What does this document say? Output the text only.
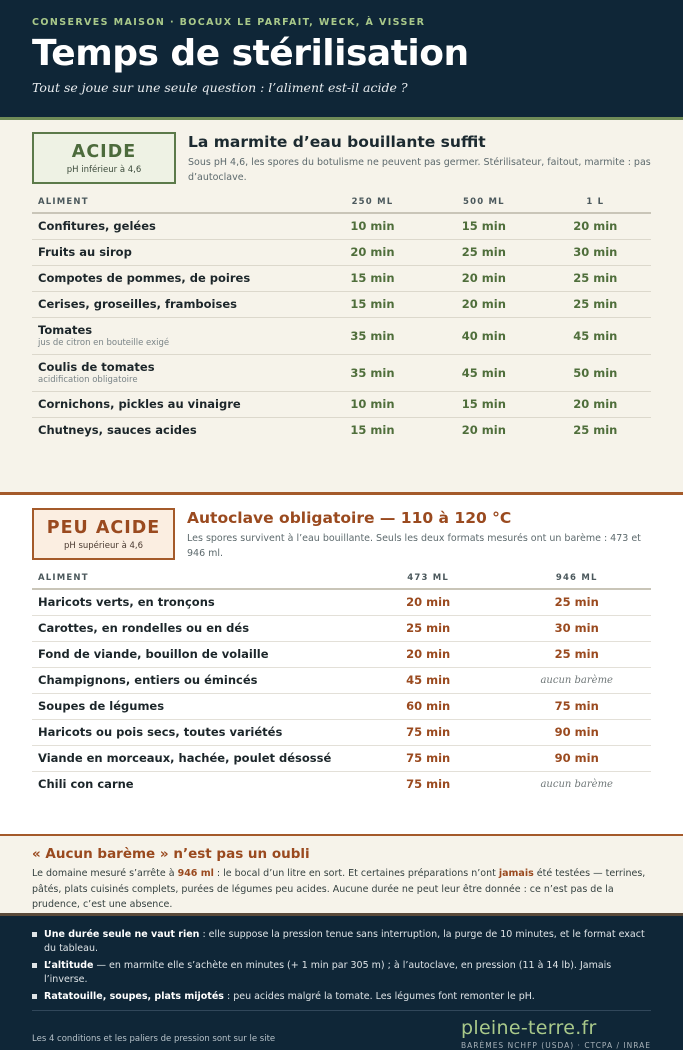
CONSERVES MAISON · BOCAUX LE PARFAIT, WECK, À VISSER
Temps de stérilisation
Tout se joue sur une seule question : l’aliment est-il acide ?
ACIDE
pH inférieur à 4,6
La marmite d’eau bouillante suffit
Sous pH 4,6, les spores du botulisme ne peuvent pas germer. Stérilisateur, faitout, marmite : pas d’autoclave.
ALIMENT	250 ML	500 ML	1 L
Confitures, gelées	10 min	15 min	20 min
Fruits au sirop	20 min	25 min	30 min
Compotes de pommes, de poires	15 min	20 min	25 min
Cerises, groseilles, framboises	15 min	20 min	25 min
Tomates
jus de citron en bouteille exigé	35 min	40 min	45 min
Coulis de tomates
acidification obligatoire	35 min	45 min	50 min
Cornichons, pickles au vinaigre	10 min	15 min	20 min
Chutneys, sauces acides	15 min	20 min	25 min
PEU ACIDE
pH supérieur à 4,6
Autoclave obligatoire — 110 à 120 °C
Les spores survivent à l’eau bouillante. Seuls les deux formats mesurés ont un barème : 473 et 946 ml.
ALIMENT	473 ML	946 ML
Haricots verts, en tronçons	20 min	25 min
Carottes, en rondelles ou en dés	25 min	30 min
Fond de viande, bouillon de volaille	20 min	25 min
Champignons, entiers ou émincés	45 min	aucun barème
Soupes de légumes	60 min	75 min
Haricots ou pois secs, toutes variétés	75 min	90 min
Viande en morceaux, hachée, poulet désossé	75 min	90 min
Chili con carne	75 min	aucun barème
« Aucun barème » n’est pas un oubli
Le domaine mesuré s’arrête à 946 ml : le bocal d’un litre en sort. Et certaines préparations n’ont jamais été testées — terrines, pâtés, plats cuisinés complets, purées de légumes peu acides. Aucune durée ne peut leur être donnée : ce n’est pas de la prudence, c’est une absence.
Une durée seule ne vaut rien : elle suppose la pression tenue sans interruption, la purge de 10 minutes, et le format exact du tableau.
L’altitude — en marmite elle s’achète en minutes (+ 1 min par 305 m) ; à l’autoclave, en pression (11 à 14 lb). Jamais l’inverse.
Ratatouille, soupes, plats mijotés : peu acides malgré la tomate. Les légumes font remonter le pH.
Les 4 conditions et les paliers de pression sont sur le site	pleine-terre.fr
BARÈMES NCHFP (USDA) · CTCPA / INRAE
